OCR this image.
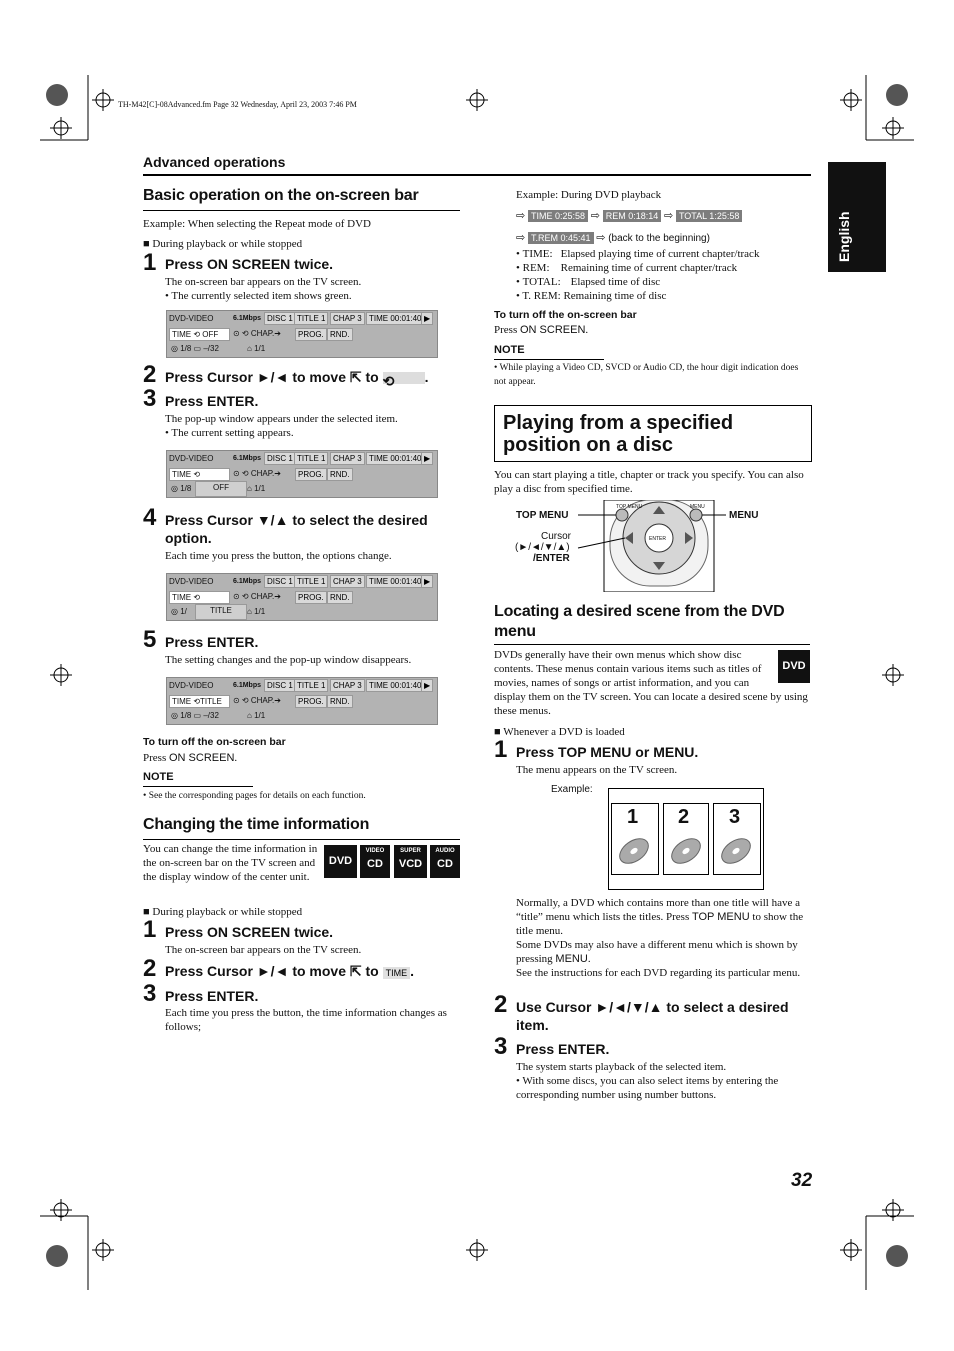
TH-M42[C]-08Advanced.fm Page 32 Wednesday, April 23, 2003 7:46 PM
Advanced operations
English
Basic operation on the on-screen bar
Example: When selecting the Repeat mode of DVD
■ During playback or while stopped
1 Press ON SCREEN twice.
The on-screen bar appears on the TV screen.
• The currently selected item shows green.
DVD-VIDEO	6.1Mbps DISC 1 TITLE 1 CHAP 3 TIME 00:01:40 ▶
TIME ⟲ OFF	⊙ ⟲ CHAP.➔	PROG. RND.
◎ 1/8 ▭ –/32	⌂ 1/1
2 Press Cursor ►/◄ to move ⇱ to ⟲ .
3 Press ENTER.
The pop-up window appears under the selected item.
• The current setting appears.
DVD-VIDEO	6.1Mbps DISC 1 TITLE 1 CHAP 3 TIME 00:01:40 ▶
TIME ⟲	⊙ ⟲ CHAP.➔	PROG. RND.
◎ 1/8	OFF	⌂ 1/1
4 Press Cursor ▼/▲ to select the desired option.
Each time you press the button, the options change.
DVD-VIDEO	6.1Mbps DISC 1 TITLE 1 CHAP 3 TIME 00:01:40 ▶
TIME ⟲	⊙ ⟲ CHAP.➔	PROG. RND.
◎ 1/	TITLE	⌂ 1/1
5 Press ENTER.
The setting changes and the pop-up window disappears.
DVD-VIDEO	6.1Mbps DISC 1 TITLE 1 CHAP 3 TIME 00:01:40 ▶
TIME ⟲TITLE	⊙ ⟲ CHAP.➔	PROG. RND.
◎ 1/8 ▭ –/32	⌂ 1/1
To turn off the on-screen bar
Press ON SCREEN.
NOTE
• See the corresponding pages for details on each function.
Changing the time information
You can change the time information in the on-screen bar on the TV screen and the display window of the center unit.
DVD
VIDEO
CD
SUPER
VCD
AUDIO
CD
■ During playback or while stopped
1 Press ON SCREEN twice.
The on-screen bar appears on the TV screen.
2 Press Cursor ►/◄ to move ⇱ to TIME .
3 Press ENTER.
Each time you press the button, the time information changes as follows;
Example: During DVD playback
⇨ TIME 0:25:58 ⇨ REM 0:18:14 ⇨ TOTAL 1:25:58
⇨ T.REM 0:45:41 ⇨ (back to the beginning)
• TIME: Elapsed playing time of current chapter/track
• REM: Remaining time of current chapter/track
• TOTAL: Elapsed time of disc
• T. REM: Remaining time of disc
To turn off the on-screen bar
Press ON SCREEN.
NOTE
• While playing a Video CD, SVCD or Audio CD, the hour digit indication does not appear.
Playing from a specified position on a disc
You can start playing a title, chapter or track you specify. You can also play a disc from specified time.
TOP MENU	MENU
ENTER
TOP MENU	MENU
Cursor
(►/◄/▼/▲)
/ENTER
Locating a desired scene from the DVD menu
DVD
DVDs generally have their own menus which show disc contents. These menus contain various items such as titles of movies, names of songs or artist information, and you can display them on the TV screen. You can locate a desired scene by using these menus.
■ Whenever a DVD is loaded
1 Press TOP MENU or MENU.
The menu appears on the TV screen.
Example:
1 2 3
Normally, a DVD which contains more than one title will have a “title” menu which lists the titles. Press TOP MENU to show the title menu.
Some DVDs may also have a different menu which is shown by pressing MENU.
See the instructions for each DVD regarding its particular menu.
2 Use Cursor ►/◄/▼/▲ to select a desired item.
3 Press ENTER.
The system starts playback of the selected item.
• With some discs, you can also select items by entering the corresponding number using number buttons.
32
